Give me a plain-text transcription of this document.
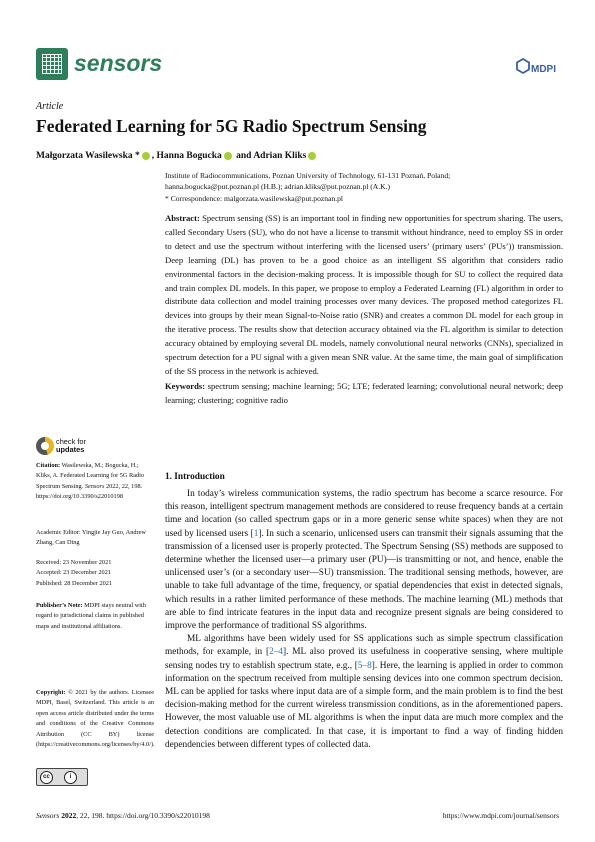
sensors	MDPI
Article
Federated Learning for 5G Radio Spectrum Sensing
Małgorzata Wasilewska * , Hanna Bogucka and Adrian Kliks
Institute of Radiocommunications, Poznan University of Technology, 61-131 Poznań, Poland;
hanna.bogucka@put.poznan.pl (H.B.); adrian.kliks@put.poznan.pl (A.K.)
* Correspondence: malgorzata.wasilewska@put.poznan.pl
Abstract: Spectrum sensing (SS) is an important tool in finding new opportunities for spectrum sharing. The users, called Secondary Users (SU), who do not have a license to transmit without hindrance, need to employ SS in order to detect and use the spectrum without interfering with the licensed users’ (primary users’ (PUs’)) transmission. Deep learning (DL) has proven to be a good choice as an intelligent SS algorithm that considers radio environmental factors in the decision-making process. It is impossible though for SU to collect the required data and train complex DL models. In this paper, we propose to employ a Federated Learning (FL) algorithm in order to distribute data collection and model training processes over many devices. The proposed method categorizes FL devices into groups by their mean Signal-to-Noise ratio (SNR) and creates a common DL model for each group in the iterative process. The results show that detection accuracy obtained via the FL algorithm is similar to detection accuracy obtained by employing several DL models, namely convolutional neural networks (CNNs), specialized in spectrum detection for a PU signal with a given mean SNR value. At the same time, the main goal of simplification of the SS process in the network is achieved.
Keywords: spectrum sensing; machine learning; 5G; LTE; federated learning; convolutional neural network; deep learning; clustering; cognitive radio
check for
updates
Citation: Wasilewska, M.; Bogucka, H.; Kliks, A. Federated Learning for 5G Radio Spectrum Sensing. Sensors 2022, 22, 198. https://doi.org/10.3390/s22010198
Academic Editor: Yingjie Jay Guo, Andrew Zhang, Can Ding
Received: 23 November 2021
Accepted: 23 December 2021
Published: 28 December 2021
Publisher’s Note: MDPI stays neutral with regard to jurisdictional claims in published maps and institutional affiliations.
cc	i
Copyright: © 2021 by the authors. Licensee MDPI, Basel, Switzerland. This article is an open access article distributed under the terms and conditions of the Creative Commons Attribution (CC BY) license (https://creativecommons.org/licenses/by/4.0/).
1. Introduction

In today’s wireless communication systems, the radio spectrum has become a scarce resource. For this reason, intelligent spectrum management methods are considered to reuse frequency bands at a certain time and location (so called spectrum gaps or in a more generic sense white spaces) when they are not used by licensed users [1]. In such a scenario, unlicensed users can transmit their signals assuming that the transmission of a licensed user is properly protected. The Spectrum Sensing (SS) methods are supposed to determine whether the licensed user—a primary user (PU)—is transmitting or not, and hence, enable the unlicensed user’s (or a secondary user—SU) transmission. The traditional sensing methods, however, are unable to take full advantage of the time, frequency, or spatial dependencies that exist in detected signals, which results in a rather limited performance of these methods. The machine learning (ML) methods that are able to find intricate features in the input data and recognize present signals are being considered to improve the performance of traditional SS algorithms.

ML algorithms have been widely used for SS applications such as simple spectrum classification methods, for example, in [2–4]. ML also proved its usefulness in cooperative sensing, where multiple sensing nodes try to establish spectrum state, e.g., [5–8]. Here, the learning is applied in order to common information on the spectrum received from multiple sensing devices into one common spectrum decision. ML can be applied for tasks where input data are of a simple form, and the main problem is to find the best decision-making method for the current wireless transmission conditions, as in the aforementioned papers. However, the most valuable use of ML algorithms is when the input data are much more complex and the detection conditions are complicated. In that case, it is important to find a way of finding hidden dependencies between different types of collected data.

Sensors 2022, 22, 198. https://doi.org/10.3390/s22010198	https://www.mdpi.com/journal/sensors
